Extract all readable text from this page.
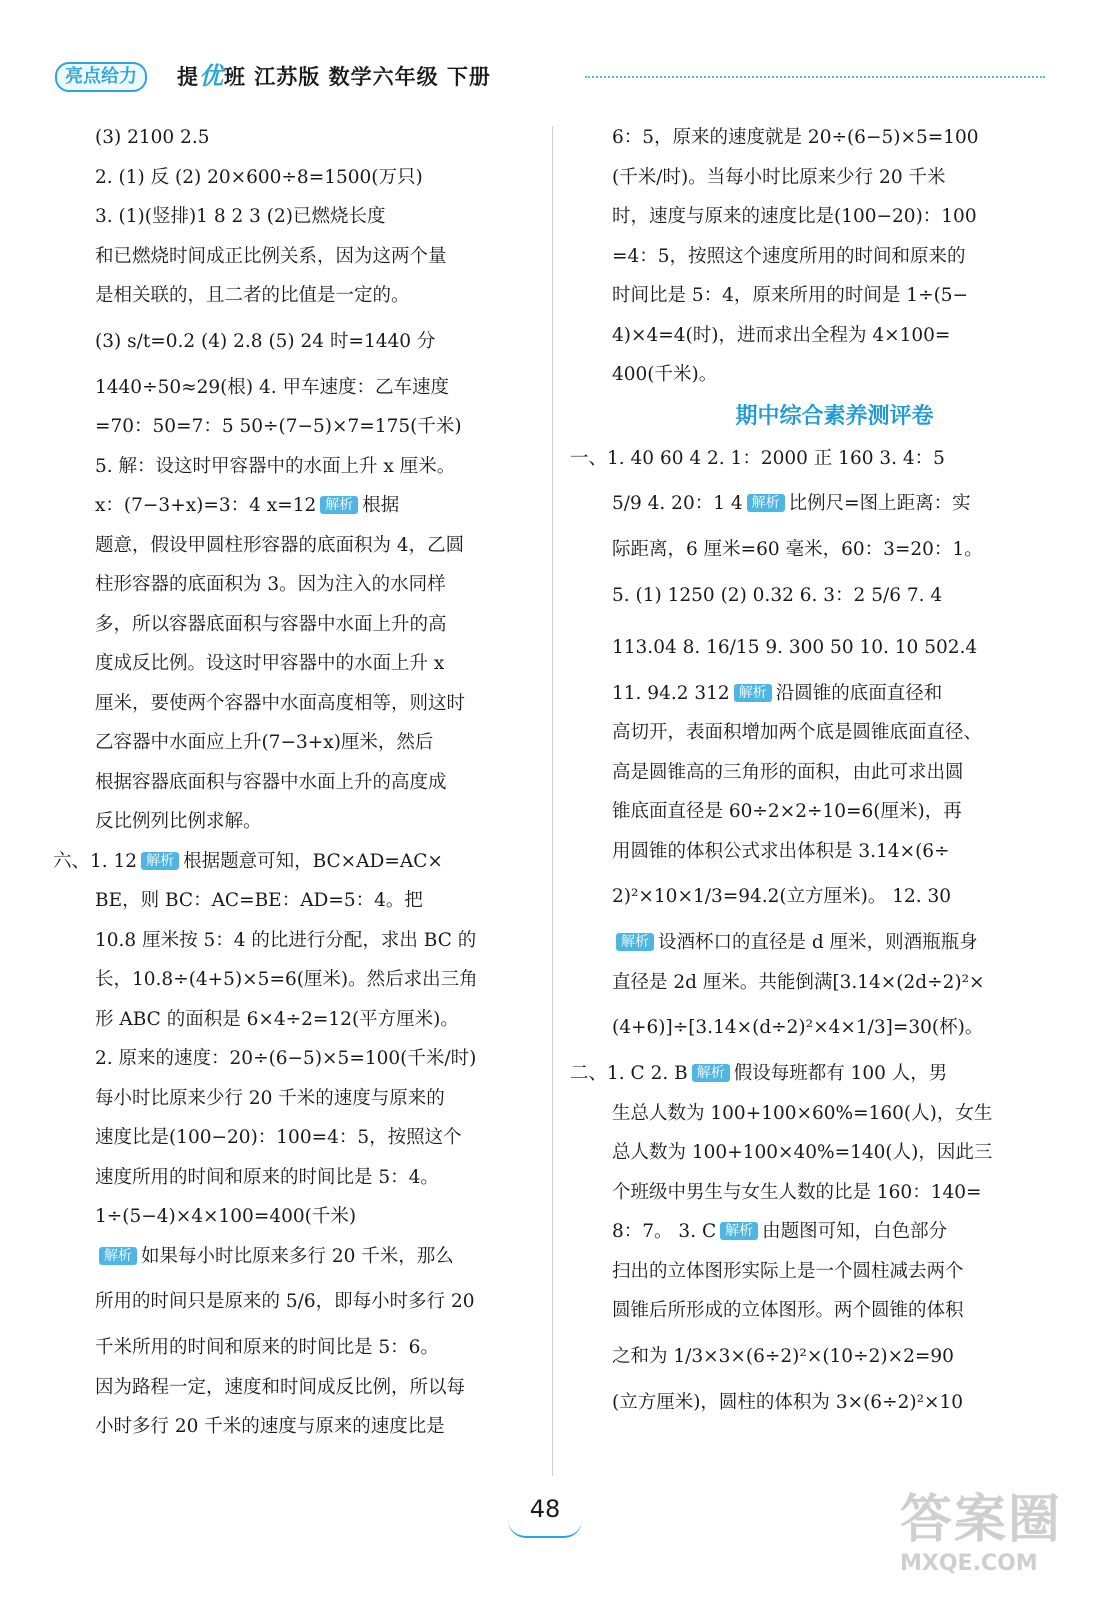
亮点给力	提优班 江苏版 数学六年级 下册
(3) 2100 2.5
2. (1) 反 (2) 20×600÷8=1500(万只)
3. (1)(竖排)1 8 2 3 (2)已燃烧长度
和已燃烧时间成正比例关系，因为这两个量
是相关联的，且二者的比值是一定的。
(3) s/t=0.2 (4) 2.8 (5) 24 时=1440 分
1440÷50≈29(根) 4. 甲车速度：乙车速度
=70：50=7：5 50÷(7−5)×7=175(千米)
5. 解：设这时甲容器中的水面上升 x 厘米。
x：(7−3+x)=3：4 x=12 解析 根据
题意，假设甲圆柱形容器的底面积为 4，乙圆
柱形容器的底面积为 3。因为注入的水同样
多，所以容器底面积与容器中水面上升的高
度成反比例。设这时甲容器中的水面上升 x
厘米，要使两个容器中水面高度相等，则这时
乙容器中水面应上升(7−3+x)厘米，然后
根据容器底面积与容器中水面上升的高度成
反比例列比例求解。
六、1. 12 解析 根据题意可知，BC×AD=AC×
BE，则 BC：AC=BE：AD=5：4。把
10.8 厘米按 5：4 的比进行分配，求出 BC 的
长，10.8÷(4+5)×5=6(厘米)。然后求出三角
形 ABC 的面积是 6×4÷2=12(平方厘米)。
2. 原来的速度：20÷(6−5)×5=100(千米/时)
每小时比原来少行 20 千米的速度与原来的
速度比是(100−20)：100=4：5，按照这个
速度所用的时间和原来的时间比是 5：4。
1÷(5−4)×4×100=400(千米)
解析 如果每小时比原来多行 20 千米，那么
所用的时间只是原来的 5/6，即每小时多行 20
千米所用的时间和原来的时间比是 5：6。
因为路程一定，速度和时间成反比例，所以每
小时多行 20 千米的速度与原来的速度比是
6：5，原来的速度就是 20÷(6−5)×5=100
(千米/时)。当每小时比原来少行 20 千米
时，速度与原来的速度比是(100−20)：100
=4：5，按照这个速度所用的时间和原来的
时间比是 5：4，原来所用的时间是 1÷(5−
4)×4=4(时)，进而求出全程为 4×100=
400(千米)。
期中综合素养测评卷
一、1. 40 60 4 2. 1：2000 正 160 3. 4：5
5/9 4. 20：1 4 解析 比例尺=图上距离：实
际距离，6 厘米=60 毫米，60：3=20：1。
5. (1) 1250 (2) 0.32 6. 3：2 5/6 7. 4
113.04 8. 16/15 9. 300 50 10. 10 502.4
11. 94.2 312 解析 沿圆锥的底面直径和
高切开，表面积增加两个底是圆锥底面直径、
高是圆锥高的三角形的面积，由此可求出圆
锥底面直径是 60÷2×2÷10=6(厘米)，再
用圆锥的体积公式求出体积是 3.14×(6÷
2)²×10×1/3=94.2(立方厘米)。 12. 30
解析 设酒杯口的直径是 d 厘米，则酒瓶瓶身
直径是 2d 厘米。共能倒满[3.14×(2d÷2)²×
(4+6)]÷[3.14×(d÷2)²×4×1/3]=30(杯)。
二、1. C 2. B 解析 假设每班都有 100 人，男
生总人数为 100+100×60%=160(人)，女生
总人数为 100+100×40%=140(人)，因此三
个班级中男生与女生人数的比是 160：140=
8：7。 3. C 解析 由题图可知，白色部分
扫出的立体图形实际上是一个圆柱减去两个
圆锥后所形成的立体图形。两个圆锥的体积
之和为 1/3×3×(6÷2)²×(10÷2)×2=90
(立方厘米)，圆柱的体积为 3×(6÷2)²×10
48	答案圈
MXQE.COM
